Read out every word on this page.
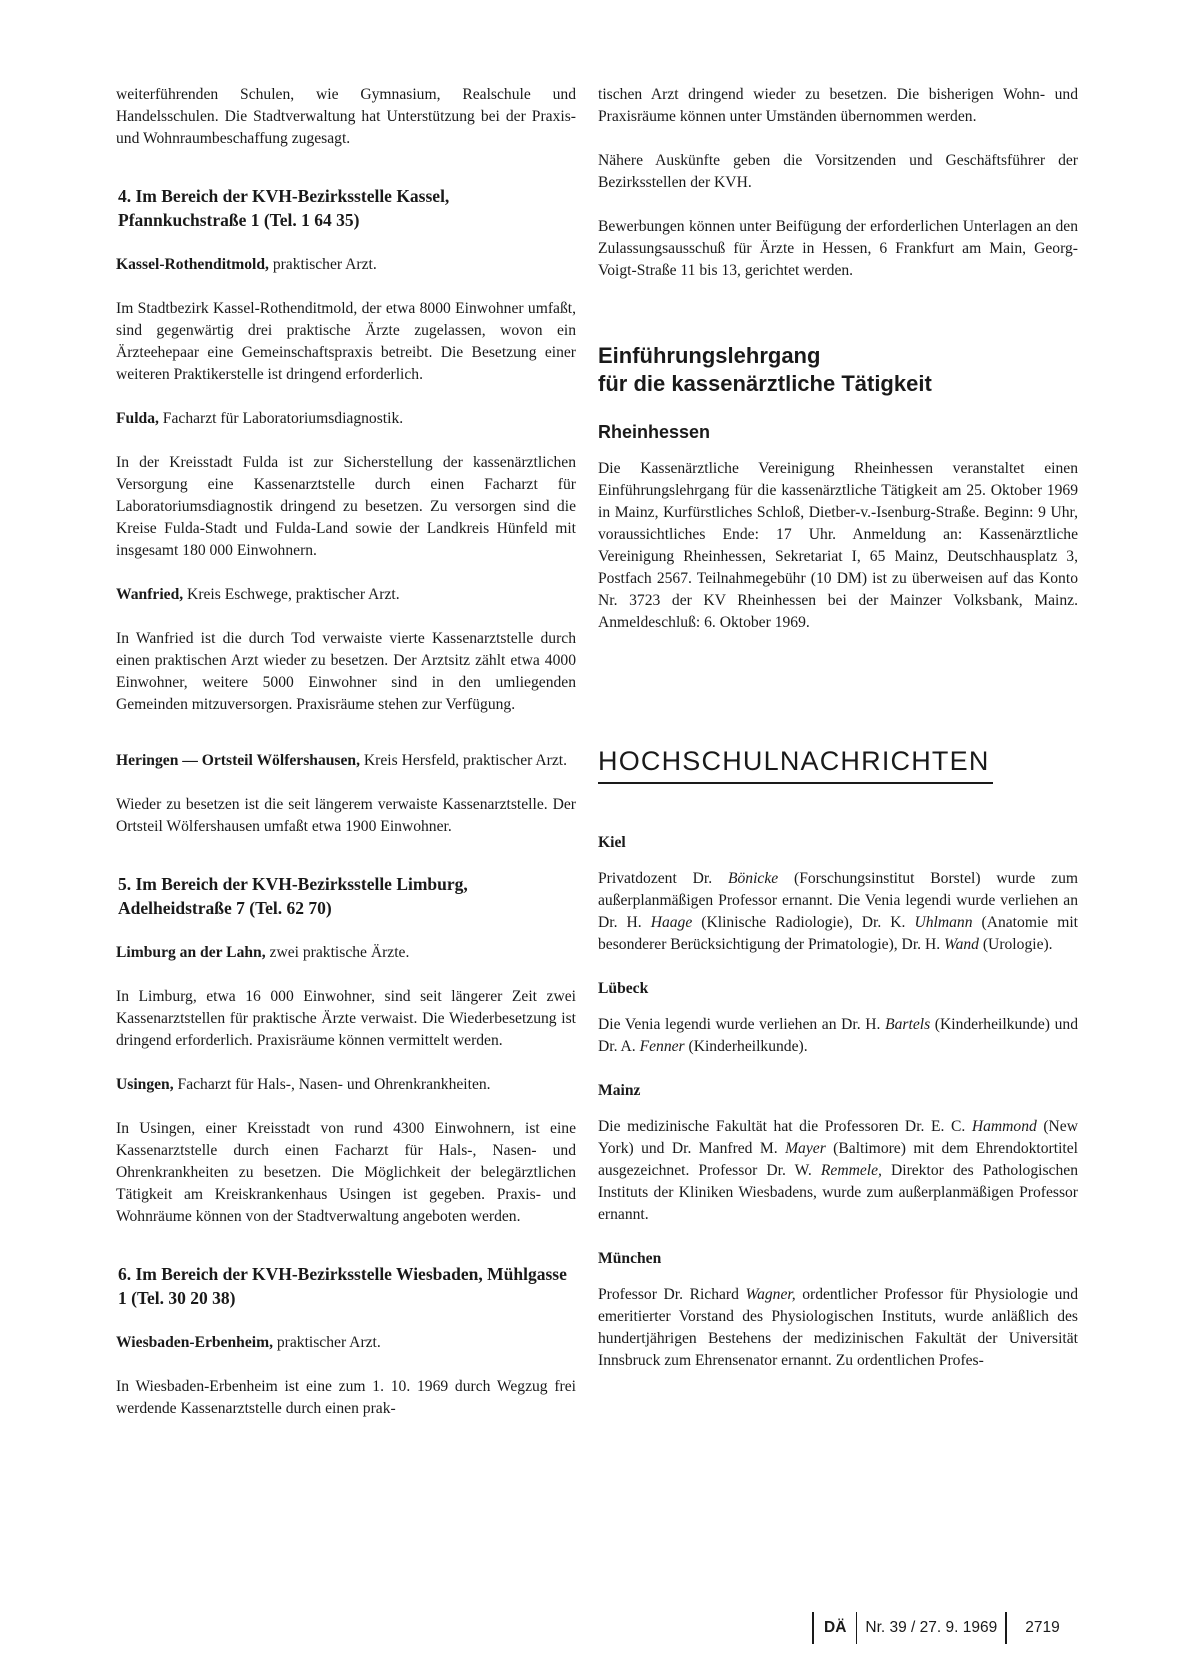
weiterführenden Schulen, wie Gymnasium, Realschule und Handelsschulen. Die Stadtverwaltung hat Unterstützung bei der Praxis- und Wohnraumbeschaffung zugesagt.

4. Im Bereich der KVH-Bezirksstelle Kassel, Pfannkuchstraße 1 (Tel. 1 64 35)

Kassel-Rothenditmold, praktischer Arzt.

Im Stadtbezirk Kassel-Rothenditmold, der etwa 8000 Einwohner umfaßt, sind gegenwärtig drei praktische Ärzte zugelassen, wovon ein Ärzteehepaar eine Gemeinschaftspraxis betreibt. Die Besetzung einer weiteren Praktikerstelle ist dringend erforderlich.

Fulda, Facharzt für Laboratoriumsdiagnostik.

In der Kreisstadt Fulda ist zur Sicherstellung der kassenärztlichen Versorgung eine Kassenarztstelle durch einen Facharzt für Laboratoriumsdiagnostik dringend zu besetzen. Zu versorgen sind die Kreise Fulda-Stadt und Fulda-Land sowie der Landkreis Hünfeld mit insgesamt 180 000 Einwohnern.

Wanfried, Kreis Eschwege, praktischer Arzt.

In Wanfried ist die durch Tod verwaiste vierte Kassenarztstelle durch einen praktischen Arzt wieder zu besetzen. Der Arztsitz zählt etwa 4000 Einwohner, weitere 5000 Einwohner sind in den umliegenden Gemeinden mitzuversorgen. Praxisräume stehen zur Verfügung.

Heringen — Ortsteil Wölfershausen, Kreis Hersfeld, praktischer Arzt.

Wieder zu besetzen ist die seit längerem verwaiste Kassenarztstelle. Der Ortsteil Wölfershausen umfaßt etwa 1900 Einwohner.

5. Im Bereich der KVH-Bezirksstelle Limburg, Adelheidstraße 7 (Tel. 62 70)

Limburg an der Lahn, zwei praktische Ärzte.

In Limburg, etwa 16 000 Einwohner, sind seit längerer Zeit zwei Kassenarztstellen für praktische Ärzte verwaist. Die Wiederbesetzung ist dringend erforderlich. Praxisräume können vermittelt werden.

Usingen, Facharzt für Hals-, Nasen- und Ohrenkrankheiten.

In Usingen, einer Kreisstadt von rund 4300 Einwohnern, ist eine Kassenarztstelle durch einen Facharzt für Hals-, Nasen- und Ohrenkrankheiten zu besetzen. Die Möglichkeit der belegärztlichen Tätigkeit am Kreiskrankenhaus Usingen ist gegeben. Praxis- und Wohnräume können von der Stadtverwaltung angeboten werden.

6. Im Bereich der KVH-Bezirksstelle Wiesbaden, Mühlgasse 1 (Tel. 30 20 38)

Wiesbaden-Erbenheim, praktischer Arzt.

In Wiesbaden-Erbenheim ist eine zum 1. 10. 1969 durch Wegzug frei werdende Kassenarztstelle durch einen prak-

tischen Arzt dringend wieder zu besetzen. Die bisherigen Wohn- und Praxisräume können unter Umständen übernommen werden.

Nähere Auskünfte geben die Vorsitzenden und Geschäftsführer der Bezirksstellen der KVH.

Bewerbungen können unter Beifügung der erforderlichen Unterlagen an den Zulassungsausschuß für Ärzte in Hessen, 6 Frankfurt am Main, Georg-Voigt-Straße 11 bis 13, gerichtet werden.

Einführungslehrgang
für die kassenärztliche Tätigkeit
Rheinhessen

Die Kassenärztliche Vereinigung Rheinhessen veranstaltet einen Einführungslehrgang für die kassenärztliche Tätigkeit am 25. Oktober 1969 in Mainz, Kurfürstliches Schloß, Dietber-v.-Isenburg-Straße. Beginn: 9 Uhr, voraussichtliches Ende: 17 Uhr. Anmeldung an: Kassenärztliche Vereinigung Rheinhessen, Sekretariat I, 65 Mainz, Deutschhausplatz 3, Postfach 2567. Teilnahmegebühr (10 DM) ist zu überweisen auf das Konto Nr. 3723 der KV Rheinhessen bei der Mainzer Volksbank, Mainz. Anmeldeschluß: 6. Oktober 1969.

HOCHSCHULNACHRICHTEN

Kiel

Privatdozent Dr. Bönicke (Forschungsinstitut Borstel) wurde zum außerplanmäßigen Professor ernannt. Die Venia legendi wurde verliehen an Dr. H. Haage (Klinische Radiologie), Dr. K. Uhlmann (Anatomie mit besonderer Berücksichtigung der Primatologie), Dr. H. Wand (Urologie).

Lübeck

Die Venia legendi wurde verliehen an Dr. H. Bartels (Kinderheilkunde) und Dr. A. Fenner (Kinderheilkunde).

Mainz

Die medizinische Fakultät hat die Professoren Dr. E. C. Hammond (New York) und Dr. Manfred M. Mayer (Baltimore) mit dem Ehrendoktortitel ausgezeichnet. Professor Dr. W. Remmele, Direktor des Pathologischen Instituts der Kliniken Wiesbadens, wurde zum außerplanmäßigen Professor ernannt.

München

Professor Dr. Richard Wagner, ordentlicher Professor für Physiologie und emeritierter Vorstand des Physiologischen Instituts, wurde anläßlich des hundertjährigen Bestehens der medizinischen Fakultät der Universität Innsbruck zum Ehrensenator ernannt. Zu ordentlichen Profes-

DÄ	Nr. 39 / 27. 9. 1969	2719
